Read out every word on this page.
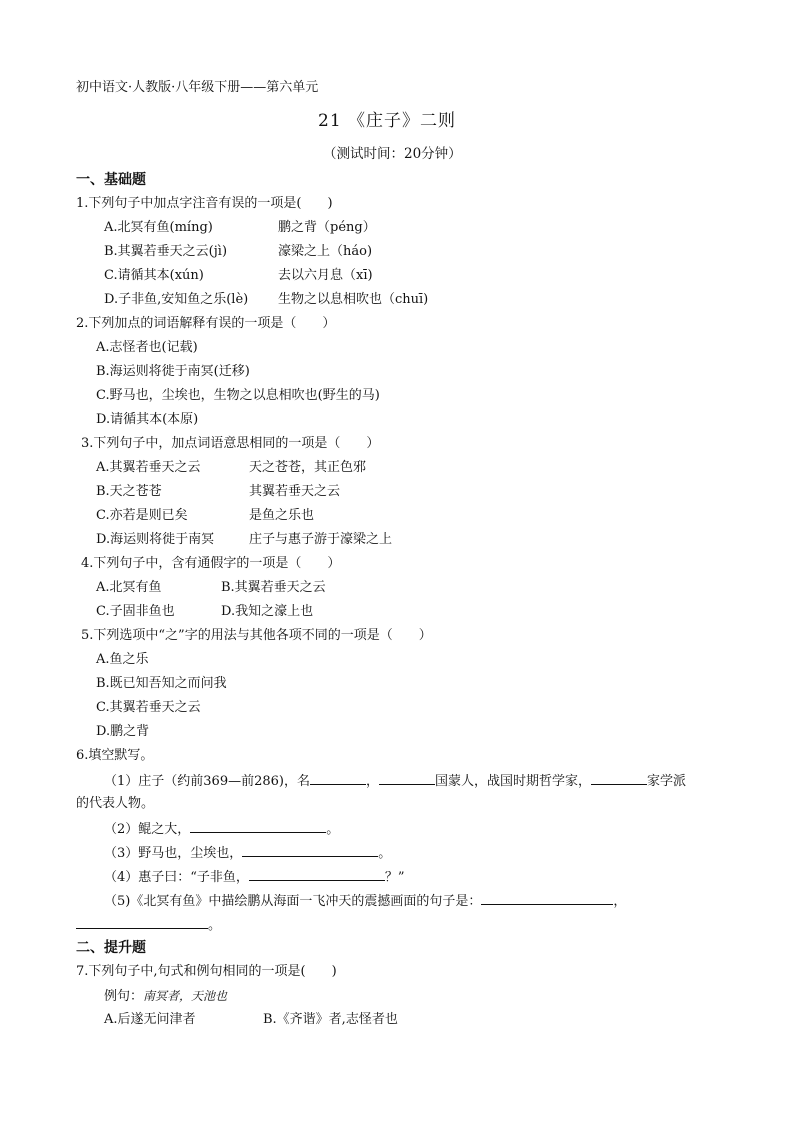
初中语文·人教版·八年级下册——第六单元
21 《庄子》二则
（测试时间：20分钟）
一、基础题
1.下列句子中加点字注音有误的一项是(　　)
A.北冥有鱼(míng)	鹏之背（péng）
B.其翼若垂天之云(jì)	濠梁之上（háo)
C.请循其本(xún)	去以六月息（xī)
D.子非鱼,安知鱼之乐(lè) 生物之以息相吹也（chuī)
2.下列加点的词语解释有误的一项是（　　）
A.志怪者也(记载)
B.海运则将徙于南冥(迁移)
C.野马也，尘埃也，生物之以息相吹也(野生的马)
D.请循其本(本原)
3.下列句子中，加点词语意思相同的一项是（　　）
A.其翼若垂天之云	天之苍苍，其正色邪
B.天之苍苍	其翼若垂天之云
C.亦若是则已矣	是鱼之乐也
D.海运则将徙于南冥	庄子与惠子游于濠梁之上
4.下列句子中，含有通假字的一项是（　　）
A.北冥有鱼	B.其翼若垂天之云
C.子固非鱼也	D.我知之濠上也
5.下列选项中“之”字的用法与其他各项不同的一项是（　　）
A.鱼之乐
B.既已知吾知之而问我
C.其翼若垂天之云
D.鹏之背
6.填空默写。
（1）庄子（约前369—前286)，名	，	国蒙人，战国时期哲学家，	家学派
的代表人物。
（2）鲲之大，	。
（3）野马也，尘埃也，	。
（4）惠子曰：“子非鱼，	？”
（5)《北冥有鱼》中描绘鹏从海面一飞冲天的震撼画面的句子是：	，
。
二、提升题
7.下列句子中,句式和例句相同的一项是(　　)
例句：南冥者，天池也
A.后遂无问津者	B.《齐谐》者,志怪者也
